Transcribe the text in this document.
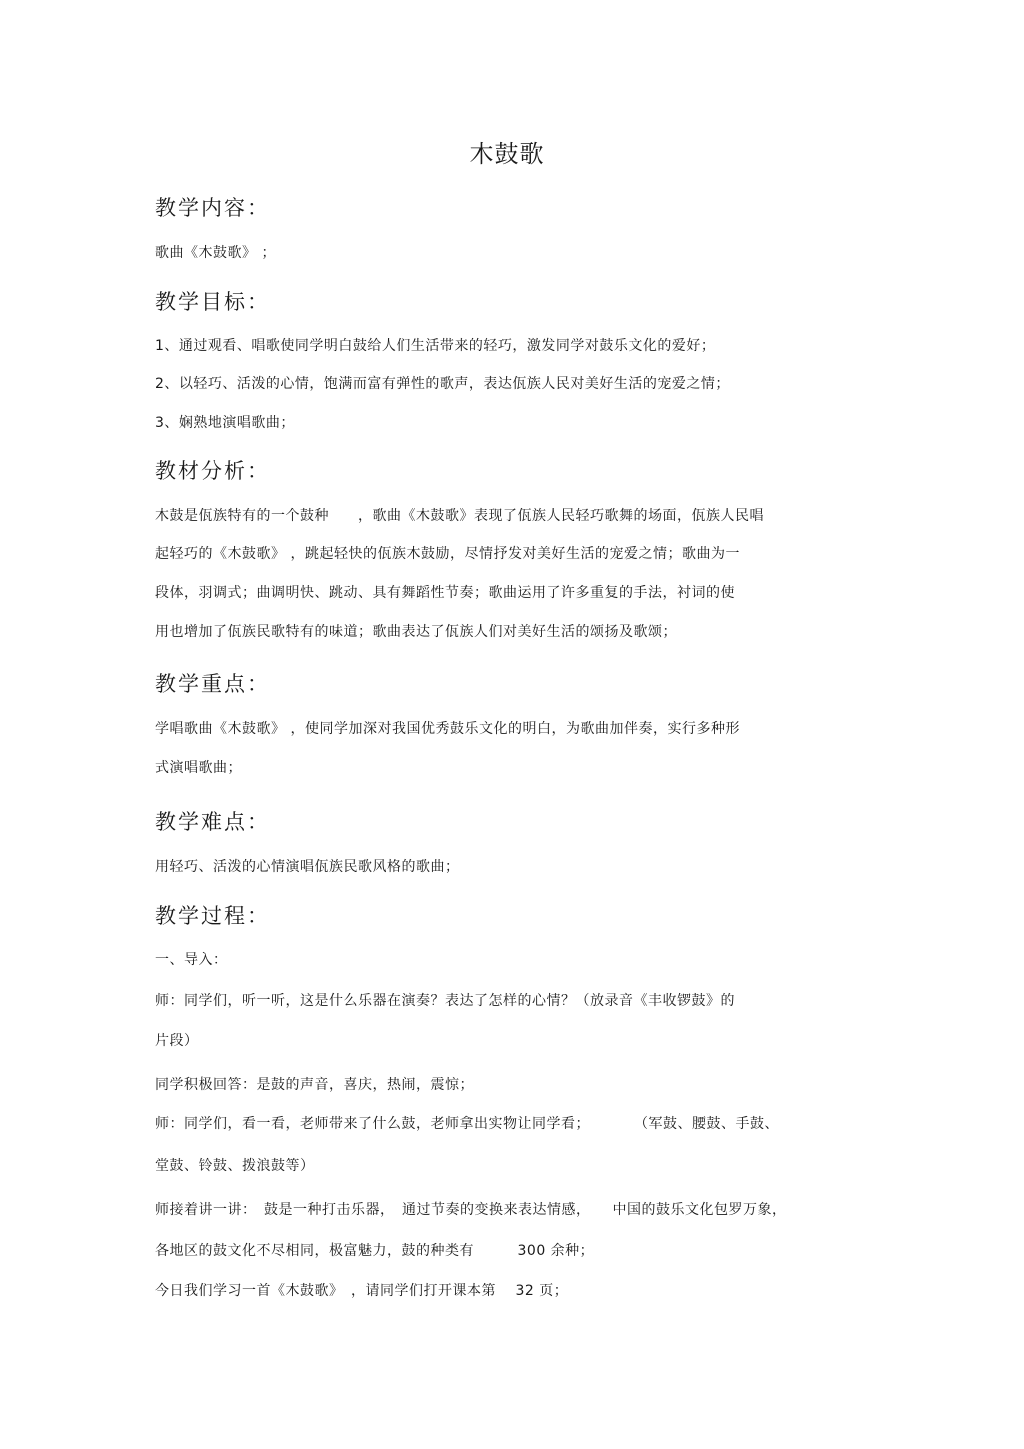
木鼓歌
教学内容：
歌曲《木鼓歌》 ；
教学目标：
1、通过观看、唱歌使同学明白鼓给人们生活带来的轻巧，激发同学对鼓乐文化的爱好；
2、以轻巧、活泼的心情，饱满而富有弹性的歌声，表达佤族人民对美好生活的宠爱之情；
3、娴熟地演唱歌曲；
教材分析：
木鼓是佤族特有的一个鼓种　　，歌曲《木鼓歌》表现了佤族人民轻巧歌舞的场面，佤族人民唱
起轻巧的《木鼓歌》 ，跳起轻快的佤族木鼓励，尽情抒发对美好生活的宠爱之情；歌曲为一
段体，羽调式；曲调明快、跳动、具有舞蹈性节奏；歌曲运用了许多重复的手法，衬词的使
用也增加了佤族民歌特有的味道；歌曲表达了佤族人们对美好生活的颂扬及歌颂；
教学重点：
学唱歌曲《木鼓歌》 ，使同学加深对我国优秀鼓乐文化的明白，为歌曲加伴奏，实行多种形
式演唱歌曲；
教学难点：
用轻巧、活泼的心情演唱佤族民歌风格的歌曲；
教学过程：
一、导入：
师：同学们，听一听，这是什么乐器在演奏？表达了怎样的心情？（放录音《丰收锣鼓》的
片段）
同学积极回答：是鼓的声音，喜庆，热闹，震惊；
师：同学们，看一看，老师带来了什么鼓，老师拿出实物让同学看；　　　　（军鼓、腰鼓、手鼓、
堂鼓、铃鼓、拨浪鼓等）
师接着讲一讲：　鼓是一种打击乐器，　通过节奏的变换来表达情感，　　中国的鼓乐文化包罗万象，
各地区的鼓文化不尽相同，极富魅力，鼓的种类有　　　300 余种；
今日我们学习一首《木鼓歌》　，请同学们打开课本第　 32 页；
